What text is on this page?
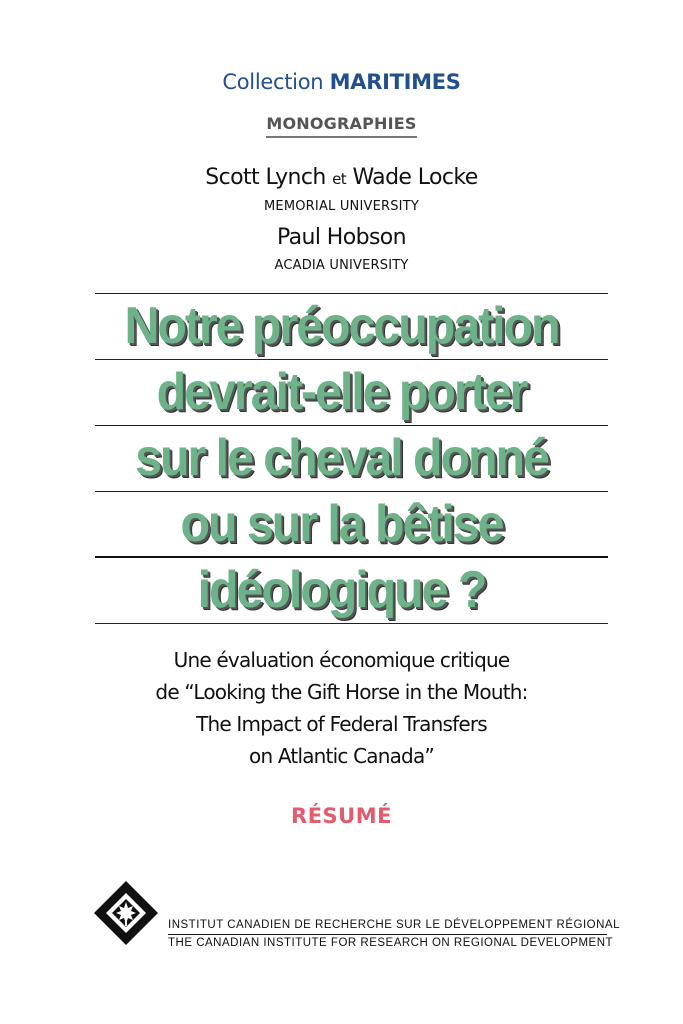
Collection MARITIMES
MONOGRAPHIES
Scott Lynch et Wade Locke
MEMORIAL UNIVERSITY
Paul Hobson
ACADIA UNIVERSITY
Notre préoccupation
devrait-elle porter
sur le cheval donné
ou sur la bêtise
idéologique ?
Une évaluation économique critique
de “Looking the Gift Horse in the Mouth:
The Impact of Federal Transfers
on Atlantic Canada”
RÉSUMÉ
INSTITUT CANADIEN DE RECHERCHE SUR LE DÉVELOPPEMENT RÉGIONAL
THE CANADIAN INSTITUTE FOR RESEARCH ON REGIONAL DEVELOPMENT
